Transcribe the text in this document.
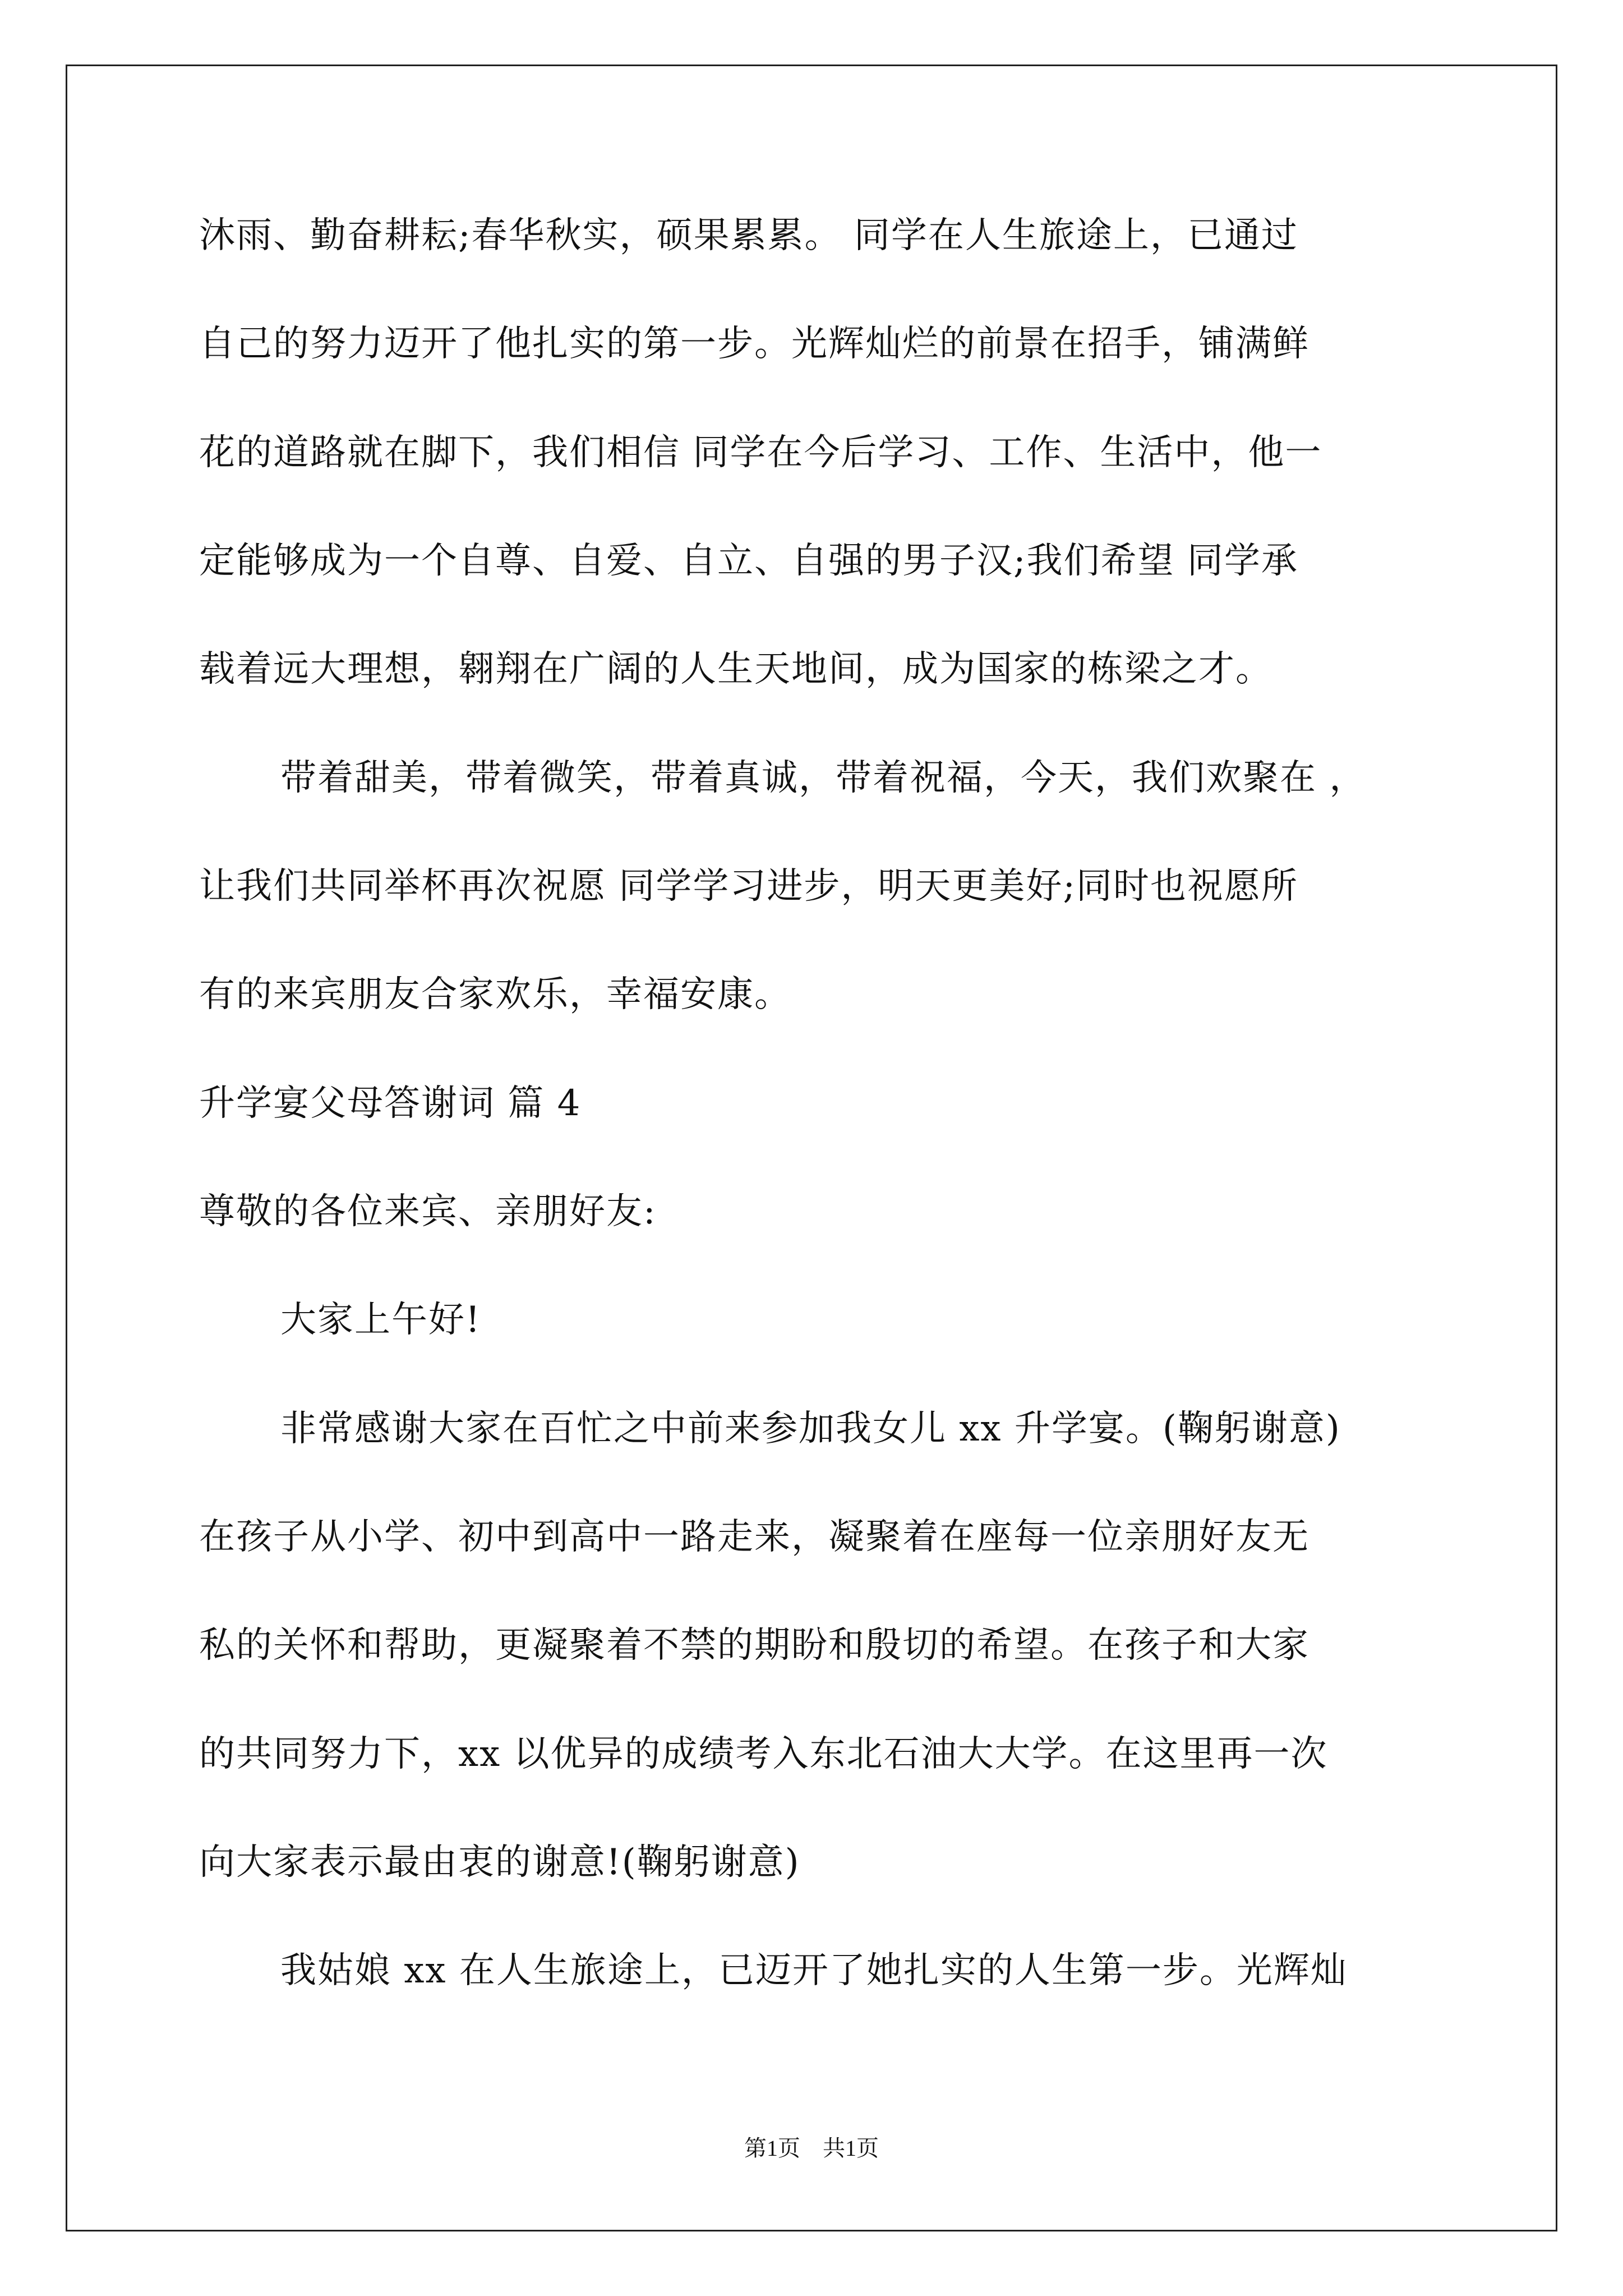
沐雨、勤奋耕耘;春华秋实，硕果累累。 同学在人生旅途上，已通过
自己的努力迈开了他扎实的第一步。光辉灿烂的前景在招手，铺满鲜
花的道路就在脚下，我们相信 同学在今后学习、工作、生活中，他一
定能够成为一个自尊、自爱、自立、自强的男子汉;我们希望 同学承
载着远大理想，翱翔在广阔的人生天地间，成为国家的栋梁之才。
带着甜美，带着微笑，带着真诚，带着祝福，今天，我们欢聚在 ，
让我们共同举杯再次祝愿 同学学习进步，明天更美好;同时也祝愿所
有的来宾朋友合家欢乐，幸福安康。
升学宴父母答谢词 篇 4
尊敬的各位来宾、亲朋好友:
大家上午好!
非常感谢大家在百忙之中前来参加我女儿 xx 升学宴。(鞠躬谢意)
在孩子从小学、初中到高中一路走来，凝聚着在座每一位亲朋好友无
私的关怀和帮助，更凝聚着不禁的期盼和殷切的希望。在孩子和大家
的共同努力下，xx 以优异的成绩考入东北石油大大学。在这里再一次
向大家表示最由衷的谢意!(鞠躬谢意)
我姑娘 xx 在人生旅途上，已迈开了她扎实的人生第一步。光辉灿
第1页    共1页
